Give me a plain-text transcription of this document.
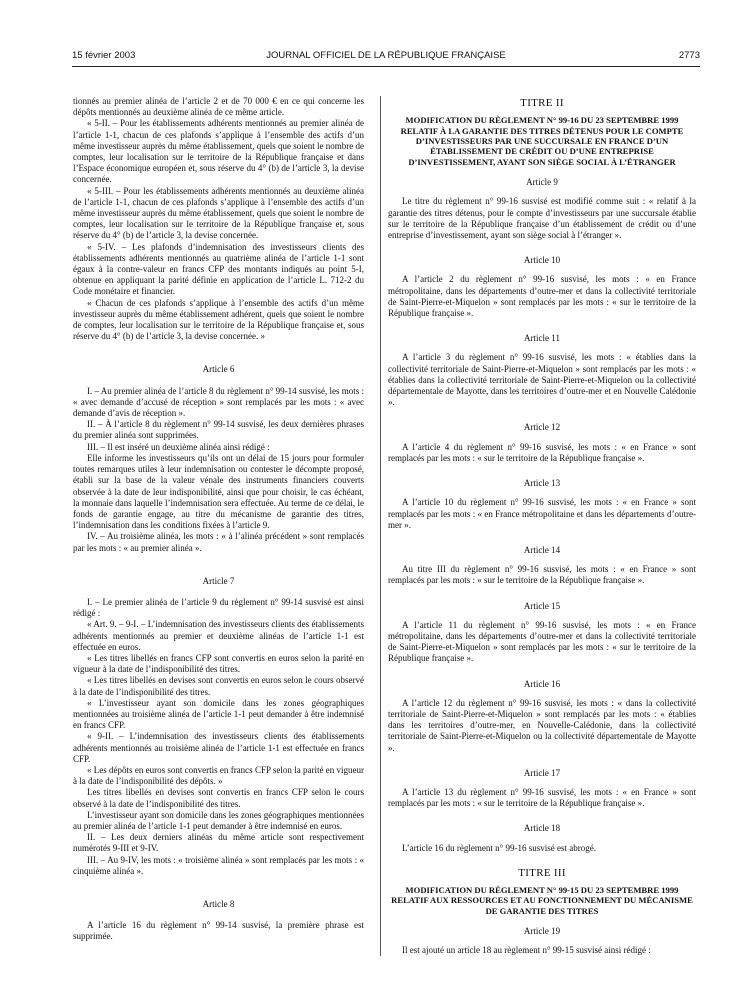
15 février 2003	JOURNAL OFFICIEL DE LA RÉPUBLIQUE FRANÇAISE	2773

tionnés au premier alinéa de l’article 2 et de 70 000 € en ce qui concerne les dépôts mentionnés au deuxième alinéa de ce même article.

« 5-II. – Pour les établissements adhérents mentionnés au premier alinéa de l’article 1-1, chacun de ces plafonds s’applique à l’ensemble des actifs d’un même investisseur auprès du même établissement, quels que soient le nombre de comptes, leur localisation sur le territoire de la République française et dans l’Espace économique européen et, sous réserve du 4° (b) de l’article 3, la devise concernée.

« 5-III. – Pour les établissements adhérents mentionnés au deuxième alinéa de l’article 1-1, chacun de ces plafonds s’applique à l’ensemble des actifs d’un même investisseur auprès du même établissement, quels que soient le nombre de comptes, leur localisation sur le territoire de la République française et, sous réserve du 4° (b) de l’article 3, la devise concernée.

« 5-IV. – Les plafonds d’indemnisation des investisseurs clients des établissements adhérents mentionnés au quatrième alinéa de l’article 1-1 sont égaux à la contre-valeur en francs CFP des montants indiqués au point 5-I, obtenue en appliquant la parité définie en application de l’article L. 712-2 du Code monétaire et financier.

« Chacun de ces plafonds s’applique à l’ensemble des actifs d’un même investisseur auprès du même établissement adhérent, quels que soient le nombre de comptes, leur localisation sur le territoire de la République française et, sous réserve du 4° (b) de l’article 3, la devise concernée. »

Article 6

I. – Au premier alinéa de l’article 8 du règlement n° 99-14 susvisé, les mots : « avec demande d’accusé de réception » sont remplacés par les mots : « avec demande d’avis de réception ».

II. – À l’article 8 du règlement n° 99-14 susvisé, les deux dernières phrases du premier alinéa sont supprimées.

III. – Il est inséré un deuxième alinéa ainsi rédigé :

Elle informe les investisseurs qu’ils ont un délai de 15 jours pour formuler toutes remarques utiles à leur indemnisation ou contester le décompte proposé, établi sur la base de la valeur vénale des instruments financiers couverts observée à la date de leur indisponibilité, ainsi que pour choisir, le cas échéant, la monnaie dans laquelle l’indemnisation sera effectuée. Au terme de ce délai, le fonds de garantie engage, au titre du mécanisme de garantie des titres, l’indemnisation dans les conditions fixées à l’article 9.

IV. – Au troisième alinéa, les mots : « à l’alinéa précédent » sont remplacés par les mots : « au premier alinéa ».

Article 7

I. – Le premier alinéa de l’article 9 du règlement n° 99-14 susvisé est ainsi rédigé :

« Art. 9. – 9-I. – L’indemnisation des investisseurs clients des établissements adhérents mentionnés au premier et deuxième alinéas de l’article 1-1 est effectuée en euros.

« Les titres libellés en francs CFP sont convertis en euros selon la parité en vigueur à la date de l’indisponibilité des titres.

« Les titres libellés en devises sont convertis en euros selon le cours observé à la date de l’indisponibilité des titres.

« L’investisseur ayant son domicile dans les zones géographiques mentionnées au troisième alinéa de l’article 1-1 peut demander à être indemnisé en francs CFP.

« 9-II. – L’indemnisation des investisseurs clients des établissements adhérents mentionnés au troisième alinéa de l’article 1-1 est effectuée en francs CFP.

« Les dépôts en euros sont convertis en francs CFP selon la parité en vigueur à la date de l’indisponibilité des dépôts. »

Les titres libellés en devises sont convertis en francs CFP selon le cours observé à la date de l’indisponibilité des titres.

L’investisseur ayant son domicile dans les zones géographiques mentionnées au premier alinéa de l’article 1-1 peut demander à être indemnisé en euros.

II. – Les deux derniers alinéas du même article sont respectivement numérotés 9-III et 9-IV.

III. – Au 9-IV, les mots : « troisième alinéa » sont remplacés par les mots : « cinquième alinéa ».

Article 8

A l’article 16 du règlement n° 99-14 susvisé, la première phrase est supprimée.

TITRE II
MODIFICATION DU RÈGLEMENT N° 99-16 DU 23 SEPTEMBRE 1999 RELATIF À LA GARANTIE DES TITRES DÉTENUS POUR LE COMPTE D’INVESTISSEURS PAR UNE SUCCURSALE EN FRANCE D’UN ÉTABLISSEMENT DE CRÉDIT OU D’UNE ENTREPRISE D’INVESTISSEMENT, AYANT SON SIÈGE SOCIAL À L’ÉTRANGER
Article 9

Le titre du règlement n° 99-16 susvisé est modifié comme suit : « relatif à la garantie des titres détenus, pour le compte d’investisseurs par une succursale établie sur le territoire de la République française d’un établissement de crédit ou d’une entreprise d’investissement, ayant son siège social à l’étranger ».

Article 10

A l’article 2 du règlement n° 99-16 susvisé, les mots : « en France métropolitaine, dans les départements d’outre-mer et dans la collectivité territoriale de Saint-Pierre-et-Miquelon » sont remplacés par les mots : « sur le territoire de la République française ».

Article 11

A l’article 3 du règlement n° 99-16 susvisé, les mots : « établies dans la collectivité territoriale de Saint-Pierre-et-Miquelon » sont remplacés par les mots : « établies dans la collectivité territoriale de Saint-Pierre-et-Miquelon ou la collectivité départementale de Mayotte, dans les territoires d’outre-mer et en Nouvelle Calédonie ».

Article 12

A l’article 4 du règlement n° 99-16 susvisé, les mots : « en France » sont remplacés par les mots : « sur le territoire de la République française ».

Article 13

A l’article 10 du règlement n° 99-16 susvisé, les mots : « en France » sont remplacés par les mots : « en France métropolitaine et dans les départements d’outre-mer ».

Article 14

Au titre III du règlement n° 99-16 susvisé, les mots : « en France » sont remplacés par les mots : « sur le territoire de la République française ».

Article 15

A l’article 11 du règlement n° 99-16 susvisé, les mots : « en France métropolitaine, dans les départements d’outre-mer et dans la collectivité territoriale de Saint-Pierre-et-Miquelon » sont remplacés par les mots : « sur le territoire de la République française ».

Article 16

A l’article 12 du règlement n° 99-16 susvisé, les mots : « dans la collectivité territoriale de Saint-Pierre-et-Miquelon » sont remplacés par les mots : « établies dans les territoires d’outre-mer, en Nouvelle-Calédonie, dans la collectivité territoriale de Saint-Pierre-et-Miquelon ou la collectivité départementale de Mayotte ».

Article 17

A l’article 13 du règlement n° 99-16 susvisé, les mots : « en France » sont remplacés par les mots : « sur le territoire de la République française ».

Article 18

L’article 16 du règlement n° 99-16 susvisé est abrogé.

TITRE III
MODIFICATION DU RÈGLEMENT N° 99-15 DU 23 SEPTEMBRE 1999 RELATIF AUX RESSOURCES ET AU FONCTIONNEMENT DU MÉCANISME DE GARANTIE DES TITRES
Article 19

Il est ajouté un article 18 au règlement n° 99-15 susvisé ainsi rédigé :
